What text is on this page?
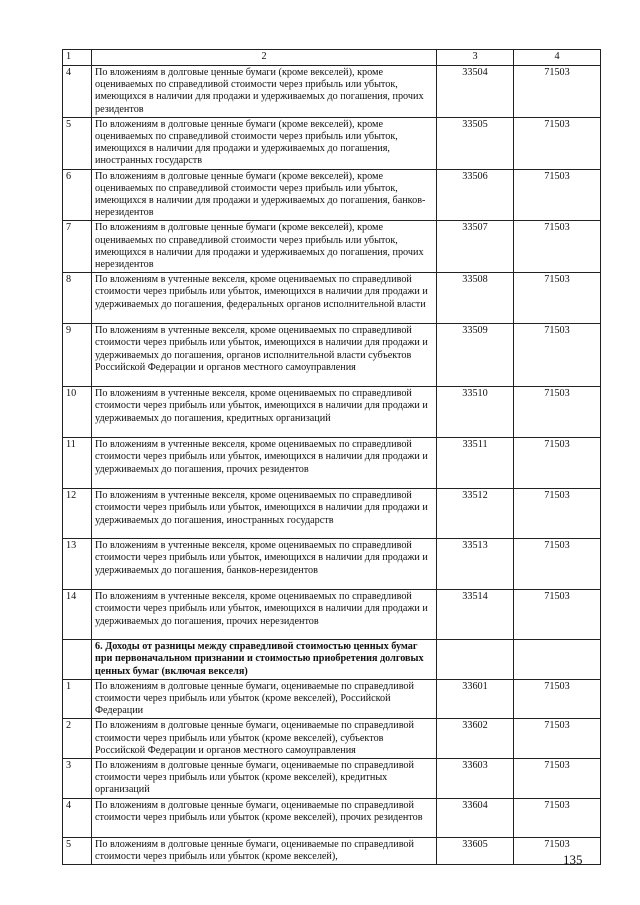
1	2	3	4
4	По вложениям в долговые ценные бумаги (кроме векселей), кроме оцениваемых по справедливой стоимости через прибыль или убыток, имеющихся в наличии для продажи и удерживаемых до погашения, прочих резидентов	33504	71503
5	По вложениям в долговые ценные бумаги (кроме векселей), кроме оцениваемых по справедливой стоимости через прибыль или убыток, имеющихся в наличии для продажи и удерживаемых до погашения, иностранных государств	33505	71503
6	По вложениям в долговые ценные бумаги (кроме векселей), кроме оцениваемых по справедливой стоимости через прибыль или убыток, имеющихся в наличии для продажи и удерживаемых до погашения, банков-нерезидентов	33506	71503
7	По вложениям в долговые ценные бумаги (кроме векселей), кроме оцениваемых по справедливой стоимости через прибыль или убыток, имеющихся в наличии для продажи и удерживаемых до погашения, прочих нерезидентов	33507	71503
8	По вложениям в учтенные векселя, кроме оцениваемых по справедливой стоимости через прибыль или убыток, имеющихся в наличии для продажи и удерживаемых до погашения, федеральных органов исполнительной власти	33508	71503
9	По вложениям в учтенные векселя, кроме оцениваемых по справедливой стоимости через прибыль или убыток, имеющихся в наличии для продажи и удерживаемых до погашения, органов исполнительной власти субъектов Российской Федерации и органов местного самоуправления	33509	71503
10	По вложениям в учтенные векселя, кроме оцениваемых по справедливой стоимости через прибыль или убыток, имеющихся в наличии для продажи и удерживаемых до погашения, кредитных организаций	33510	71503
11	По вложениям в учтенные векселя, кроме оцениваемых по справедливой стоимости через прибыль или убыток, имеющихся в наличии для продажи и удерживаемых до погашения, прочих резидентов	33511	71503
12	По вложениям в учтенные векселя, кроме оцениваемых по справедливой стоимости через прибыль или убыток, имеющихся в наличии для продажи и удерживаемых до погашения, иностранных государств	33512	71503
13	По вложениям в учтенные векселя, кроме оцениваемых по справедливой стоимости через прибыль или убыток, имеющихся в наличии для продажи и удерживаемых до погашения, банков-нерезидентов	33513	71503
14	По вложениям в учтенные векселя, кроме оцениваемых по справедливой стоимости через прибыль или убыток, имеющихся в наличии для продажи и удерживаемых до погашения, прочих нерезидентов	33514	71503
	6. Доходы от разницы между справедливой стоимостью ценных бумаг при первоначальном признании и стоимостью приобретения долговых ценных бумаг (включая векселя)		
1	По вложениям в долговые ценные бумаги, оцениваемые по справедливой стоимости через прибыль или убыток (кроме векселей), Российской Федерации	33601	71503
2	По вложениям в долговые ценные бумаги, оцениваемые по справедливой стоимости через прибыль или убыток (кроме векселей), субъектов Российской Федерации и органов местного самоуправления	33602	71503
3	По вложениям в долговые ценные бумаги, оцениваемые по справедливой стоимости через прибыль или убыток (кроме векселей), кредитных организаций	33603	71503
4	По вложениям в долговые ценные бумаги, оцениваемые по справедливой стоимости через прибыль или убыток (кроме векселей), прочих резидентов	33604	71503
5	По вложениям в долговые ценные бумаги, оцениваемые по справедливой стоимости через прибыль или убыток (кроме векселей),	33605	71503
135
